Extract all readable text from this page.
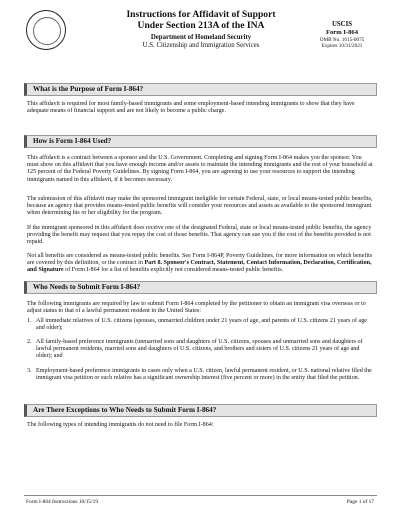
Instructions for Affidavit of Support
Under Section 213A of the INA
Department of Homeland Security
U.S. Citizenship and Immigration Services
USCIS
Form I-864
OMB No. 1615-0075
Expires 10/31/2021
What is the Purpose of Form I-864?
This affidavit is required for most family-based immigrants and some employment-based intending immigrants to show that they have adequate means of financial support and are not likely to become a public charge.
How is Form I-864 Used?
This affidavit is a contract between a sponsor and the U.S. Government. Completing and signing Form I-864 makes you the sponsor. You must show on this affidavit that you have enough income and/or assets to maintain the intending immigrants and the rest of your household at 125 percent of the Federal Poverty Guidelines. By signing Form I-864, you are agreeing to use your resources to support the intending immigrants named in this affidavit, if it becomes necessary.
The submission of this affidavit may make the sponsored immigrant ineligible for certain Federal, state, or local means-tested public benefits, because an agency that provides means-tested public benefits will consider your resources and assets as available to the sponsored immigrant when determining his or her eligibility for the program.
If the immigrant sponsored in this affidavit does receive one of the designated Federal, state or local means-tested public benefits, the agency providing the benefit may request that you repay the cost of those benefits. That agency can sue you if the cost of the benefits provided is not repaid.
Not all benefits are considered as means-tested public benefits. See Form I-864P, Poverty Guidelines, for more information on which benefits are covered by this definition, or the contract in Part 8. Sponsor's Contract, Statement, Contact Information, Declaration, Certification, and Signature of Form I-864 for a list of benefits explicitly not considered means-tested public benefits.
Who Needs to Submit Form I-864?
The following immigrants are required by law to submit Form I-864 completed by the petitioner to obtain an immigrant visa overseas or to adjust status to that of a lawful permanent resident in the United States:
1. All immediate relatives of U.S. citizens (spouses, unmarried children under 21 years of age, and parents of U.S. citizens 21 years of age and older);
2. All family-based preference immigrants (unmarried sons and daughters of U.S. citizens, spouses and unmarried sons and daughters of lawful permanent residents, married sons and daughters of U.S. citizens, and brothers and sisters of U.S. citizens 21 years of age and older); and
3. Employment-based preference immigrants in cases only when a U.S. citizen, lawful permanent resident, or U.S. national relative filed the immigrant visa petition or such relative has a significant ownership interest (five percent or more) in the entity that filed the petition.
Are There Exceptions to Who Needs to Submit Form I-864?
The following types of intending immigrants do not need to file Form I-864:
Form I-864 Instructions 10/15/19	Page 1 of 17
